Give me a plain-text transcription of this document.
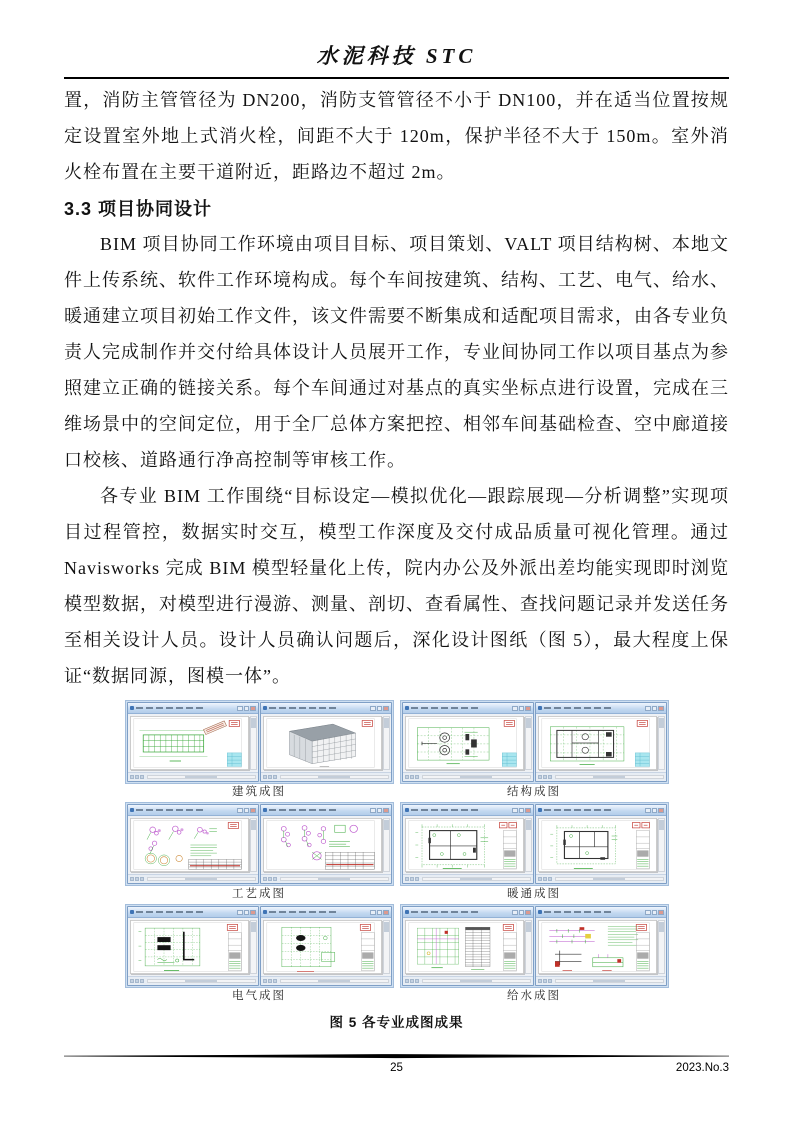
水泥科技 STC

置，消防主管管径为 DN200，消防支管管径不小于 DN100，并在适当位置按规定设置室外地上式消火栓，间距不大于 120m，保护半径不大于 150m。室外消火栓布置在主要干道附近，距路边不超过 2m。

3.3 项目协同设计

BIM 项目协同工作环境由项目目标、项目策划、VALT 项目结构树、本地文件上传系统、软件工作环境构成。每个车间按建筑、结构、工艺、电气、给水、暖通建立项目初始工作文件，该文件需要不断集成和适配项目需求，由各专业负责人完成制作并交付给具体设计人员展开工作，专业间协同工作以项目基点为参照建立正确的链接关系。每个车间通过对基点的真实坐标点进行设置，完成在三维场景中的空间定位，用于全厂总体方案把控、相邻车间基础检查、空中廊道接口校核、道路通行净高控制等审核工作。

各专业 BIM 工作围绕“目标设定—模拟优化—跟踪展现—分析调整”实现项目过程管控，数据实时交互，模型工作深度及交付成品质量可视化管理。通过 Navisworks 完成 BIM 模型轻量化上传，院内办公及外派出差均能实现即时浏览模型数据，对模型进行漫游、测量、剖切、查看属性、查找问题记录并发送任务至相关设计人员。设计人员确认问题后，深化设计图纸（图 5），最大程度上保证“数据同源，图模一体”。

建筑成图	结构成图
工艺成图	暖通成图
电气成图	给水成图
图 5 各专业成图成果
25	2023.No.3
